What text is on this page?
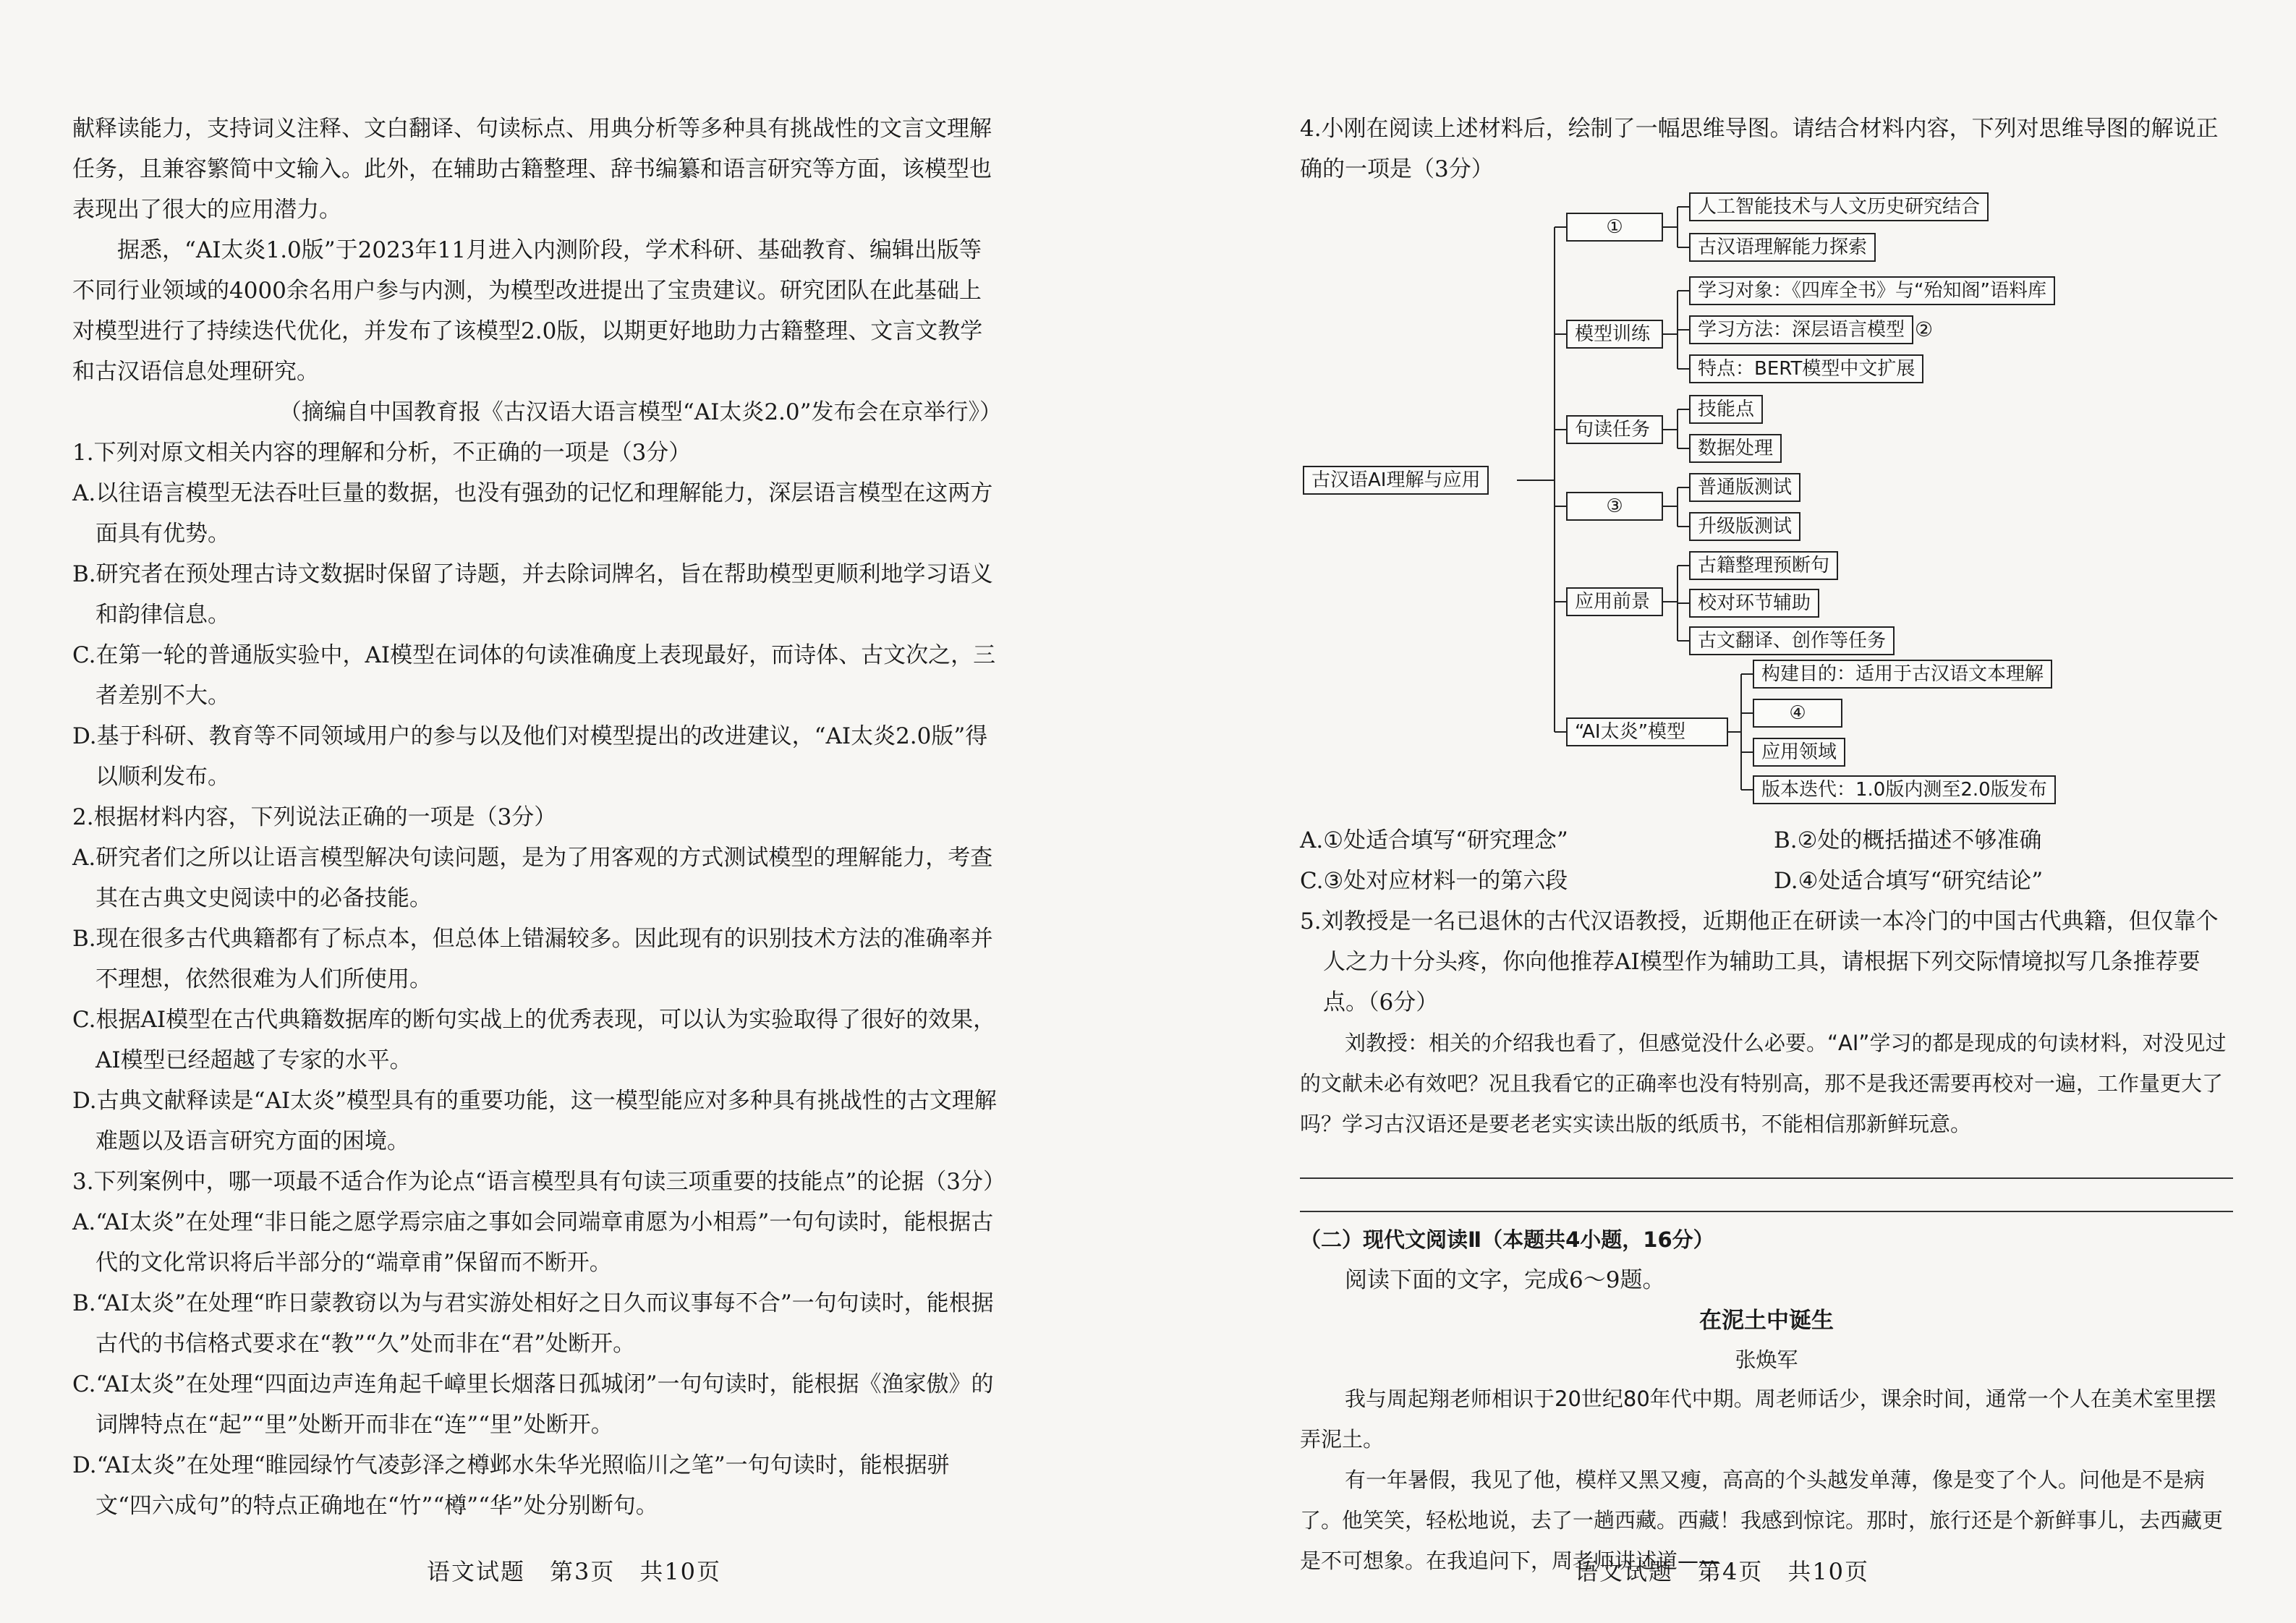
献释读能力，支持词义注释、文白翻译、句读标点、用典分析等多种具有挑战性的文言文理解任务，且兼容繁简中文输入。此外，在辅助古籍整理、辞书编纂和语言研究等方面，该模型也表现出了很大的应用潜力。

据悉，“AI太炎1.0版”于2023年11月进入内测阶段，学术科研、基础教育、编辑出版等不同行业领域的4000余名用户参与内测，为模型改进提出了宝贵建议。研究团队在此基础上对模型进行了持续迭代优化，并发布了该模型2.0版，以期更好地助力古籍整理、文言文教学和古汉语信息处理研究。

（摘编自中国教育报《古汉语大语言模型“AI太炎2.0”发布会在京举行》）

1.下列对原文相关内容的理解和分析，不正确的一项是（3分）

A.以往语言模型无法吞吐巨量的数据，也没有强劲的记忆和理解能力，深层语言模型在这两方面具有优势。

B.研究者在预处理古诗文数据时保留了诗题，并去除词牌名，旨在帮助模型更顺利地学习语义和韵律信息。

C.在第一轮的普通版实验中，AI模型在词体的句读准确度上表现最好，而诗体、古文次之，三者差别不大。

D.基于科研、教育等不同领域用户的参与以及他们对模型提出的改进建议，“AI太炎2.0版”得以顺利发布。

2.根据材料内容，下列说法正确的一项是（3分）

A.研究者们之所以让语言模型解决句读问题，是为了用客观的方式测试模型的理解能力，考查其在古典文史阅读中的必备技能。

B.现在很多古代典籍都有了标点本，但总体上错漏较多。因此现有的识别技术方法的准确率并不理想，依然很难为人们所使用。

C.根据AI模型在古代典籍数据库的断句实战上的优秀表现，可以认为实验取得了很好的效果，AI模型已经超越了专家的水平。

D.古典文献释读是“AI太炎”模型具有的重要功能，这一模型能应对多种具有挑战性的古文理解难题以及语言研究方面的困境。

3.下列案例中，哪一项最不适合作为论点“语言模型具有句读三项重要的技能点”的论据（3分）

A.“AI太炎”在处理“非日能之愿学焉宗庙之事如会同端章甫愿为小相焉”一句句读时，能根据古代的文化常识将后半部分的“端章甫”保留而不断开。

B.“AI太炎”在处理“昨日蒙教窃以为与君实游处相好之日久而议事每不合”一句句读时，能根据古代的书信格式要求在“教”“久”处而非在“君”处断开。

C.“AI太炎”在处理“四面边声连角起千嶂里长烟落日孤城闭”一句句读时，能根据《渔家傲》的词牌特点在“起”“里”处断开而非在“连”“里”处断开。

D.“AI太炎”在处理“睢园绿竹气凌彭泽之樽邺水朱华光照临川之笔”一句句读时，能根据骈文“四六成句”的特点正确地在“竹”“樽”“华”处分别断句。

语文试题　第3页　共10页

4.小刚在阅读上述材料后，绘制了一幅思维导图。请结合材料内容，下列对思维导图的解说正确的一项是（3分）

古汉语AI理解与应用
①
人工智能技术与人文历史研究结合
古汉语理解能力探索
模型训练
学习对象：《四库全书》与“殆知阁”语料库
学习方法：深层语言模型 ②
特点：BERT模型中文扩展
句读任务
技能点
数据处理
③
普通版测试
升级版测试
应用前景
古籍整理预断句
校对环节辅助
古文翻译、创作等任务
“AI太炎”模型
构建目的：适用于古汉语文本理解
④
应用领域
版本迭代：1.0版内测至2.0版发布

A.①处适合填写“研究理念”	B.②处的概括描述不够准确

C.③处对应材料一的第六段	D.④处适合填写“研究结论”

5.刘教授是一名已退休的古代汉语教授，近期他正在研读一本冷门的中国古代典籍，但仅靠个人之力十分头疼，你向他推荐AI模型作为辅助工具，请根据下列交际情境拟写几条推荐要点。（6分）

刘教授：相关的介绍我也看了，但感觉没什么必要。“AI”学习的都是现成的句读材料，对没见过的文献未必有效吧？况且我看它的正确率也没有特别高，那不是我还需要再校对一遍，工作量更大了吗？学习古汉语还是要老老实实读出版的纸质书，不能相信那新鲜玩意。

（二）现代文阅读Ⅱ（本题共4小题，16分）

阅读下面的文字，完成6～9题。

在泥土中诞生

张焕军

我与周起翔老师相识于20世纪80年代中期。周老师话少，课余时间，通常一个人在美术室里摆弄泥土。

有一年暑假，我见了他，模样又黑又瘦，高高的个头越发单薄，像是变了个人。问他是不是病了。他笑笑，轻松地说，去了一趟西藏。西藏！我感到惊诧。那时，旅行还是个新鲜事儿，去西藏更是不可想象。在我追问下，周老师讲述道——

语文试题　第4页　共10页
